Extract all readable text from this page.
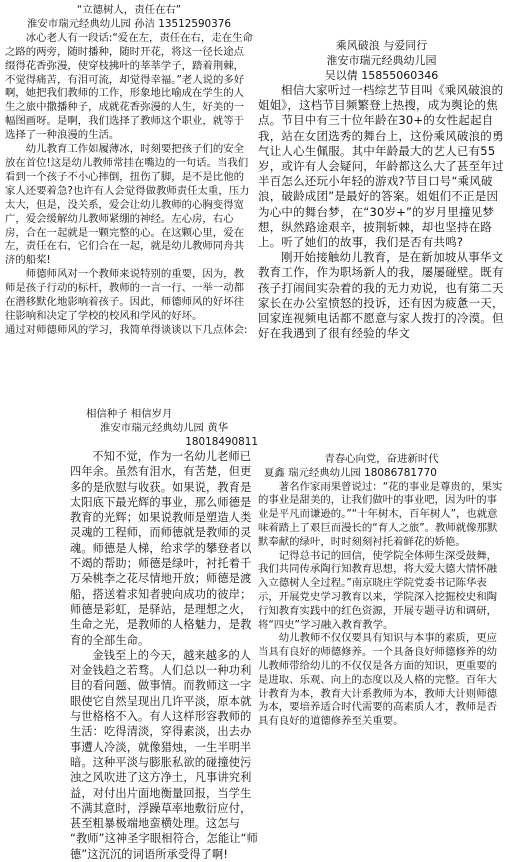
“立德树人，责任在右”

淮安市瑞元经典幼儿园 孙洁 13512590376

冰心老人有一段话:“爱在左，责任在右，走在生命之路的两旁，随时播种，随时开花，将这一径长途点缀得花香弥漫，使穿枝拂叶的莘莘学子，踏着荆棘，不觉得痛苦，有泪可流，却觉得幸福。”老人说的多好啊，她把我们教师的工作，形象地比喻成在学生的人生之旅中撒播种子，成就花香弥漫的人生，好美的一幅图画呀。是啊，我们选择了教师这个职业，就等于选择了一种浪漫的生活。

幼儿教育工作如履薄冰，时刻要把孩子们的安全放在首位!这是幼儿教师常挂在嘴边的一句话。当我们看到一个孩子不小心摔倒，扭伤了脚，是不是比他的 家人还要着急?也许有人会觉得做教师责任太重，压力太大，但是，没关系，爱会让幼儿教师的心胸变得宽广，爱会缓解幼儿教师紧绷的神经。左心房，右心房，合在一起就是一颗完整的心。在这颗心里，爱在左，责任在右，它们合在一起，就是幼儿教师同舟共济的船桨!

师德师风对一个教师来说特别的重要，因为，教师是孩子行动的标杆，教师的一言一行、一举一动都在潜移默化地影响着孩子。因此，师德师风的好坏往往影响和决定了学校的校风和学风的好坏。

通过对师德师风的学习，我简单得谈谈以下几点体会:

乘风破浪 与爱同行

淮安市瑞元经典幼儿园

吴以倩 15855060346

相信大家听过一档综艺节目叫《乘风破浪的姐姐》，这档节目频繁登上热搜，成为舆论的焦点。节目中有三十位年龄在30+的女性起起自我，站在女团选秀的舞台上，这份乘风破浪的勇气让人心生佩服。其中年龄最大的艺人已有55岁，或许有人会疑问，年龄都这么大了甚至年过半百怎么还玩小年轻的游戏?节目口号“乘风破浪，破龄成团”是最好的答案。姐姐们不正是因为心中的舞台梦，在“30岁+”的岁月里撞见梦想，纵然路途艰辛，披荆斩棘，却也坚持在路上。听了她们的故事，我们是否有共鸣?

刚开始接触幼儿教育，是在新加坡从事华文教育工作，作为职场新人的我，屡屡碰壁。既有孩子打闹间实杂着的我的无力劝说，也有第二天家长在办公室愤怒的投诉，还有因为疲惫一天，回家连视频电话都不愿意与家人拨打的冷漠。但好在我遇到了很有经验的华文

相信种子 相信岁月

淮安市瑞元经典幼儿园 黄华

18018490811

不知不觉，作为一名幼儿老师已四年余。虽然有泪水，有苦楚，但更多的是欣慰与收获。如果说，教育是太阳底下最光辉的事业，那么师德是教育的光辉；如果说教师是塑造人类灵魂的工程师，而师德就是教师的灵魂。师德是人梯，给求学的攀登者以不竭的帮助；师德是绿叶，衬托着千万朵桃李之花尽情地开放；师德是渡船，搭送着求知者驶向成功的彼岸；师德是彩虹，是驿站，是理想之火，生命之光，是教师的人格魅力，是教育的全部生命。

金钱至上的今天，越来越多的人对金钱趋之若骛。人们总以一种功利目的看问题、做事情。而教师这一字眼使它自然呈现出几许平淡，原本就与世格格不入。有人这样形容教师的生活：吃得清淡，穿得素淡，出去办事遭人冷淡，就像猎烛，一生半明半暗。这种平淡与膨胀私欲的碰撞使污浊之风吹进了这方净土，凡事讲究利益，对付出片面地衡量回报，当学生不满其意时，浮躁草率地敷衍应付，甚至粗暴极端地蛮横处理。这怎与 “教师”这神圣字眼相符合，怎能让“师德”这沉沉的词语所承受得了啊!

青春心向党，奋进新时代

夏鑫 瑞元经典幼儿园 18086781770

著名作家雨果曾说过：“花的事业是尊贵的，果实的事业是甜美的，让我们做叶的事业吧，因为叶的事业是平凡而谦逊的。”“十年树木，百年树人”，也就意味着踏上了艰巨而漫长的“育人之旅”。教师就像那默默奉献的绿叶，时时刻刻衬托着鲜花的娇艳。

记得总书记的回信，使学院全体师生深受鼓舞，我们共同传承陶行知教育思想，将大爱大德大情怀融入立德树人全过程。”南京晓庄学院党委书记陈华表示，开展党史学习教育以来，学院深入挖掘校史和陶行知教育实践中的红色资源，开展专题寻访和调研，将“四史”学习融入教育教学。

幼儿教师不仅仅要具有知识与本事的素质，更应当具有良好的师德修养。一个具备良好师德修养的幼儿教师带给幼儿的不仅仅是各方面的知识，更重要的是进取、乐观、向上的态度以及人格的完整。百年大计教育为本，教育大计系教师为本，教师大计则师德为本，要培养适合时代需要的高素质人才，教师是否具有良好的道德修养至关重要。
